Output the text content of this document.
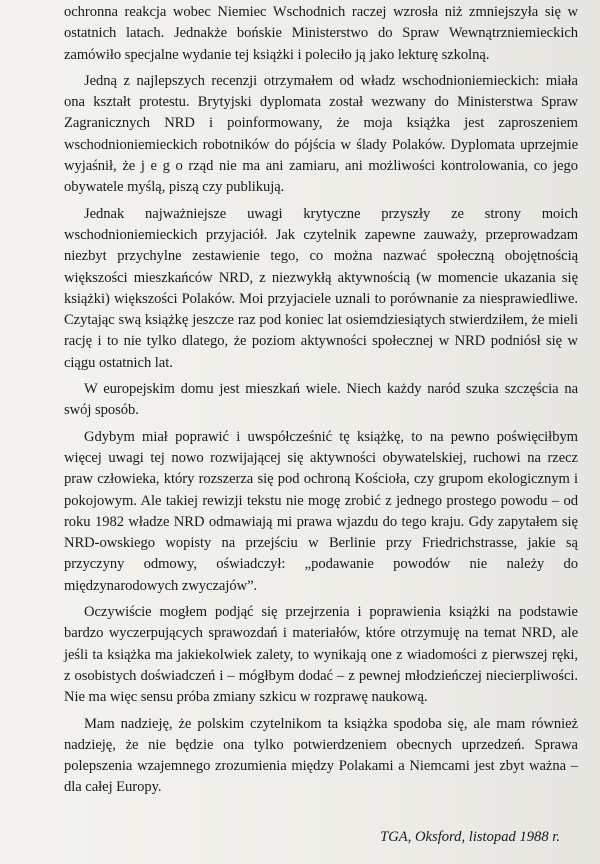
ochronna reakcja wobec Niemiec Wschodnich raczej wzrosła niż zmniejszyła się w ostatnich latach. Jednakże bońskie Ministerstwo do Spraw Wewnątrzniemieckich zamówiło specjalne wydanie tej książki i poleciło ją jako lekturę szkolną.

Jedną z najlepszych recenzji otrzymałem od władz wschodnioniemieckich: miała ona kształt protestu. Brytyjski dyplomata został wezwany do Ministerstwa Spraw Zagranicznych NRD i poinformowany, że moja książka jest zaproszeniem wschodnioniemieckich robotników do pójścia w ślady Polaków. Dyplomata uprzejmie wyjaśnił, że j e g o rząd nie ma ani zamiaru, ani możliwości kontrolowania, co jego obywatele myślą, piszą czy publikują.

Jednak najważniejsze uwagi krytyczne przyszły ze strony moich wschodnioniemieckich przyjaciół. Jak czytelnik zapewne zauważy, przeprowadzam niezbyt przychylne zestawienie tego, co można nazwać społeczną obojętnością większości mieszkańców NRD, z niezwykłą aktywnością (w momencie ukazania się książki) większości Polaków. Moi przyjaciele uznali to porównanie za niesprawiedliwe. Czytając swą książkę jeszcze raz pod koniec lat osiemdziesiątych stwierdziłem, że mieli rację i to nie tylko dlatego, że poziom aktywności społecznej w NRD podniósł się w ciągu ostatnich lat.

W europejskim domu jest mieszkań wiele. Niech każdy naród szuka szczęścia na swój sposób.

Gdybym miał poprawić i uwspółcześnić tę książkę, to na pewno poświęciłbym więcej uwagi tej nowo rozwijającej się aktywności obywatelskiej, ruchowi na rzecz praw człowieka, który rozszerza się pod ochroną Kościoła, czy grupom ekologicznym i pokojowym. Ale takiej rewizji tekstu nie mogę zrobić z jednego prostego powodu – od roku 1982 władze NRD odmawiają mi prawa wjazdu do tego kraju. Gdy zapytałem się NRD-owskiego wopisty na przejściu w Berlinie przy Friedrichstrasse, jakie są przyczyny odmowy, oświadczył: „podawanie powodów nie należy do międzynarodowych zwyczajów”.

Oczywiście mogłem podjąć się przejrzenia i poprawienia książki na podstawie bardzo wyczerpujących sprawozdań i materiałów, które otrzymuję na temat NRD, ale jeśli ta książka ma jakiekolwiek zalety, to wynikają one z wiadomości z pierwszej ręki, z osobistych doświadczeń i – mógłbym dodać – z pewnej młodzieńczej niecierpliwości. Nie ma więc sensu próba zmiany szkicu w rozprawę naukową.

Mam nadzieję, że polskim czytelnikom ta książka spodoba się, ale mam również nadzieję, że nie będzie ona tylko potwierdzeniem obecnych uprzedzeń. Sprawa polepszenia wzajemnego zrozumienia między Polakami a Niemcami jest zbyt ważna – dla całej Europy.

TGA, Oksford, listopad 1988 r.
